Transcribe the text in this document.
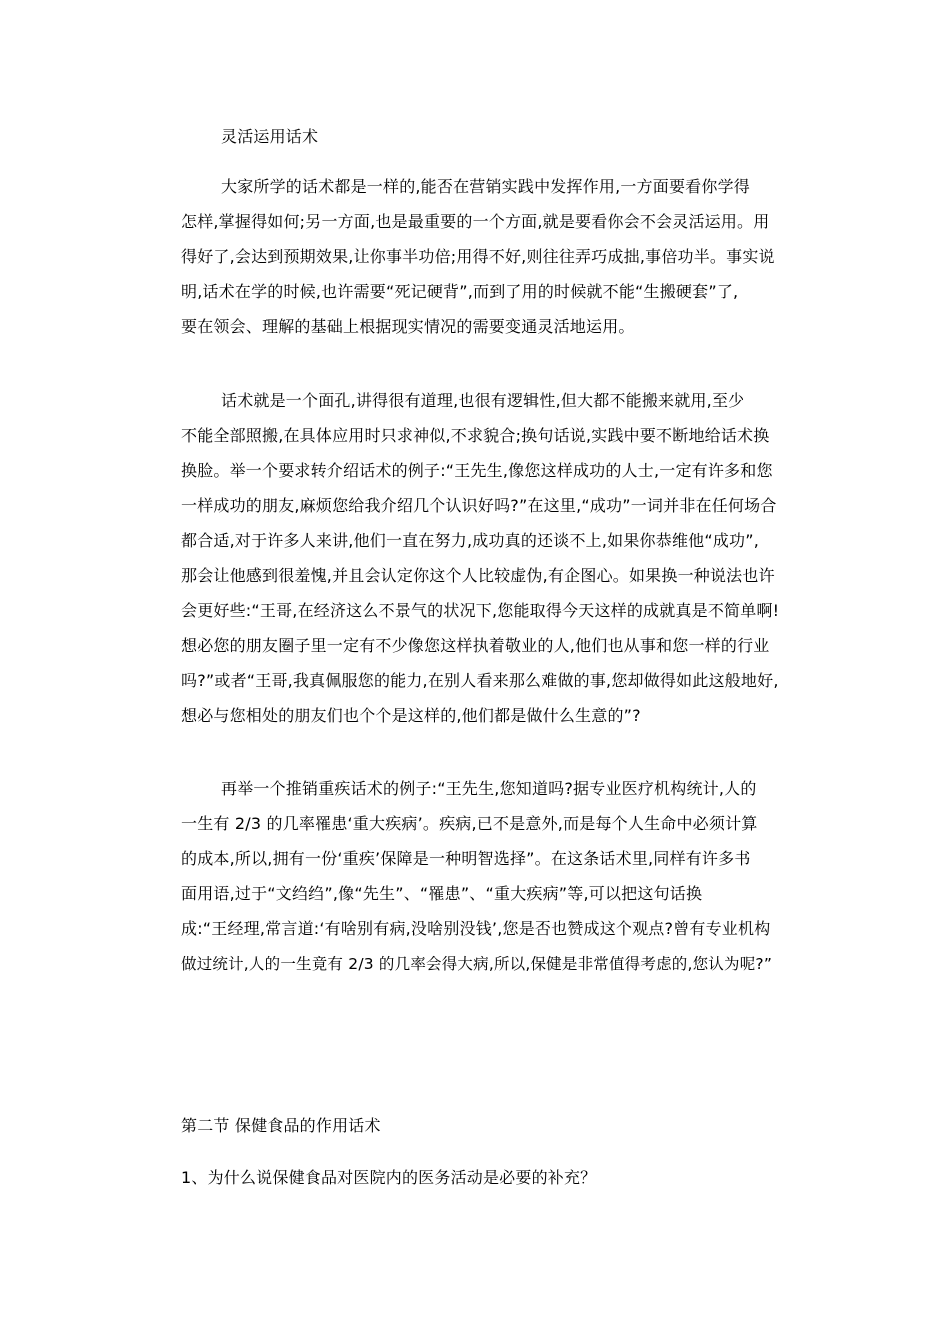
灵活运用话术
大家所学的话术都是一样的,能否在营销实践中发挥作用,一方面要看你学得
怎样,掌握得如何;另一方面,也是最重要的一个方面,就是要看你会不会灵活运用。用
得好了,会达到预期效果,让你事半功倍;用得不好,则往往弄巧成拙,事倍功半。事实说
明,话术在学的时候,也许需要“死记硬背”,而到了用的时候就不能“生搬硬套”了,
要在领会、理解的基础上根据现实情况的需要变通灵活地运用。
话术就是一个面孔,讲得很有道理,也很有逻辑性,但大都不能搬来就用,至少
不能全部照搬,在具体应用时只求神似,不求貌合;换句话说,实践中要不断地给话术换
换脸。举一个要求转介绍话术的例子:“王先生,像您这样成功的人士,一定有许多和您
一样成功的朋友,麻烦您给我介绍几个认识好吗?”在这里,“成功”一词并非在任何场合
都合适,对于许多人来讲,他们一直在努力,成功真的还谈不上,如果你恭维他“成功”,
那会让他感到很羞愧,并且会认定你这个人比较虚伪,有企图心。如果换一种说法也许
会更好些:“王哥,在经济这么不景气的状况下,您能取得今天这样的成就真是不简单啊!
想必您的朋友圈子里一定有不少像您这样执着敬业的人,他们也从事和您一样的行业
吗?”或者“王哥,我真佩服您的能力,在别人看来那么难做的事,您却做得如此这般地好,
想必与您相处的朋友们也个个是这样的,他们都是做什么生意的”?
再举一个推销重疾话术的例子:“王先生,您知道吗?据专业医疗机构统计,人的
一生有 2/3 的几率罹患‘重大疾病’。疾病,已不是意外,而是每个人生命中必须计算
的成本,所以,拥有一份‘重疾’保障是一种明智选择”。在这条话术里,同样有许多书
面用语,过于“文绉绉”,像“先生”、“罹患”、“重大疾病”等,可以把这句话换
成:“王经理,常言道:‘有啥别有病,没啥别没钱’,您是否也赞成这个观点?曾有专业机构
做过统计,人的一生竟有 2/3 的几率会得大病,所以,保健是非常值得考虑的,您认为呢?”
第二节 保健食品的作用话术
1、为什么说保健食品对医院内的医务活动是必要的补充？
